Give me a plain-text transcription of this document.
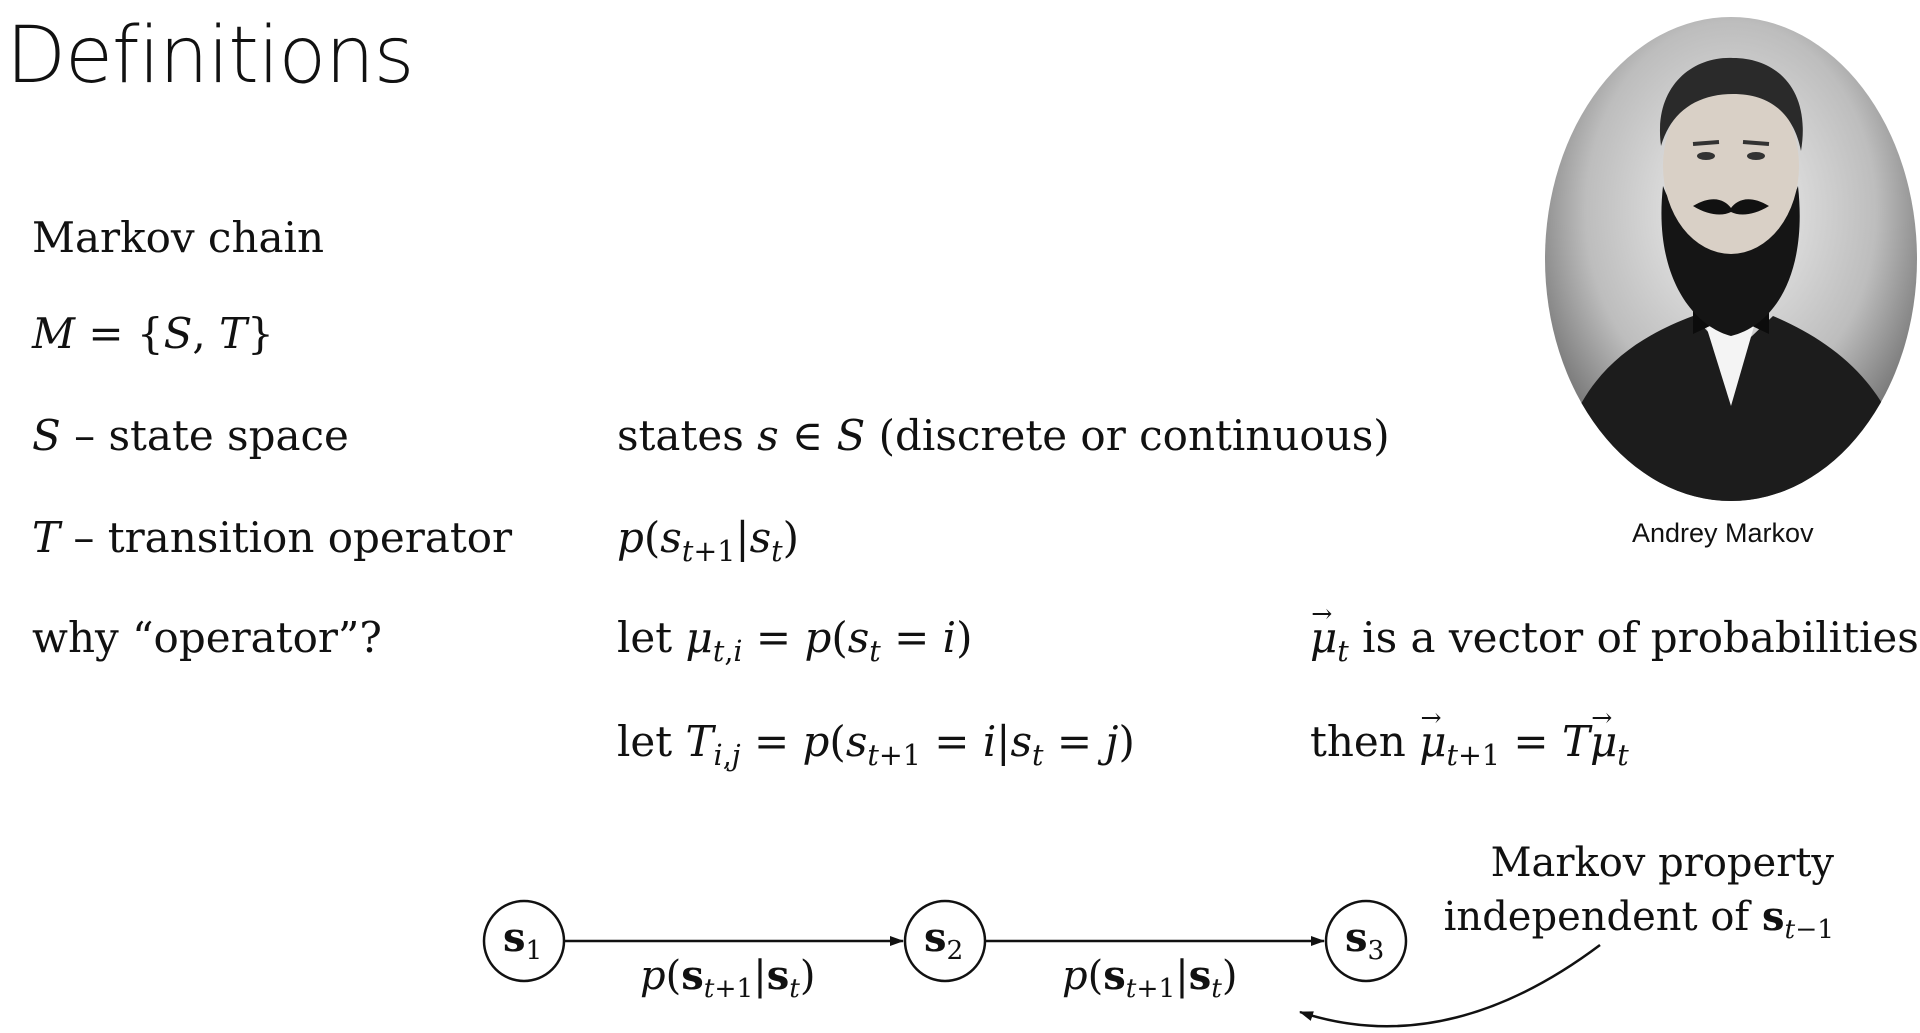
Definitions
Markov chain
M = {S, T}
S – state space
T – transition operator
why “operator”?
states s ∈ S (discrete or continuous)
$p(s_{t+1}|s_t)$
let $\mu_{t,i} = p(s_t = i)$
let $T_{i,j} = p(s_{t+1} = i|s_t = j)$
→ $\mu_t$ is a vector of probabilities
then → $\mu_{t+1} = T\to \mu_t$
Andrey Markov
$s_1$	$s_2$	$s_3$
$p(s_{t+1}|s_t)$	$p(s_{t+1}|s_t)$
Markov property
independent of $s_{t-1}$
